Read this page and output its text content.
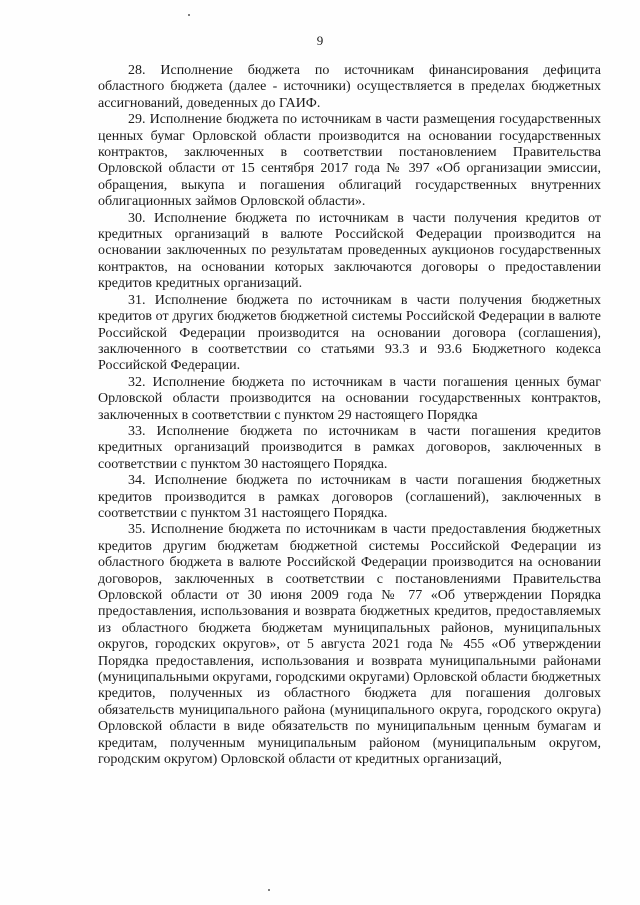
9

28. Исполнение бюджета по источникам финансирования дефицита областного бюджета (далее - источники) осуществляется в пределах бюджетных ассигнований, доведенных до ГАИФ.

29. Исполнение бюджета по источникам в части размещения государственных ценных бумаг Орловской области производится на основании государственных контрактов, заключенных в соответствии постановлением Правительства Орловской области от 15 сентября 2017 года № 397 «Об организации эмиссии, обращения, выкупа и погашения облигаций государственных внутренних облигационных займов Орловской области».

30. Исполнение бюджета по источникам в части получения кредитов от кредитных организаций в валюте Российской Федерации производится на основании заключенных по результатам проведенных аукционов государственных контрактов, на основании которых заключаются договоры о предоставлении кредитов кредитных организаций.

31. Исполнение бюджета по источникам в части получения бюджетных кредитов от других бюджетов бюджетной системы Российской Федерации в валюте Российской Федерации производится на основании договора (соглашения), заключенного в соответствии со статьями 93.3 и 93.6 Бюджетного кодекса Российской Федерации.

32. Исполнение бюджета по источникам в части погашения ценных бумаг Орловской области производится на основании государственных контрактов, заключенных в соответствии с пунктом 29 настоящего Порядка

33. Исполнение бюджета по источникам в части погашения кредитов кредитных организаций производится в рамках договоров, заключенных в соответствии с пунктом 30 настоящего Порядка.

34. Исполнение бюджета по источникам в части погашения бюджетных кредитов производится в рамках договоров (соглашений), заключенных в соответствии с пунктом 31 настоящего Порядка.

35. Исполнение бюджета по источникам в части предоставления бюджетных кредитов другим бюджетам бюджетной системы Российской Федерации из областного бюджета в валюте Российской Федерации производится на основании договоров, заключенных в соответствии с постановлениями Правительства Орловской области от 30 июня 2009 года № 77 «Об утверждении Порядка предоставления, использования и возврата бюджетных кредитов, предоставляемых из областного бюджета бюджетам муниципальных районов, муниципальных округов, городских округов», от 5 августа 2021 года № 455 «Об утверждении Порядка предоставления, использования и возврата муниципальными районами (муниципальными округами, городскими округами) Орловской области бюджетных кредитов, полученных из областного бюджета для погашения долговых обязательств муниципального района (муниципального округа, городского округа) Орловской области в виде обязательств по муниципальным ценным бумагам и кредитам, полученным муниципальным районом (муниципальным округом, городским округом) Орловской области от кредитных организаций,
